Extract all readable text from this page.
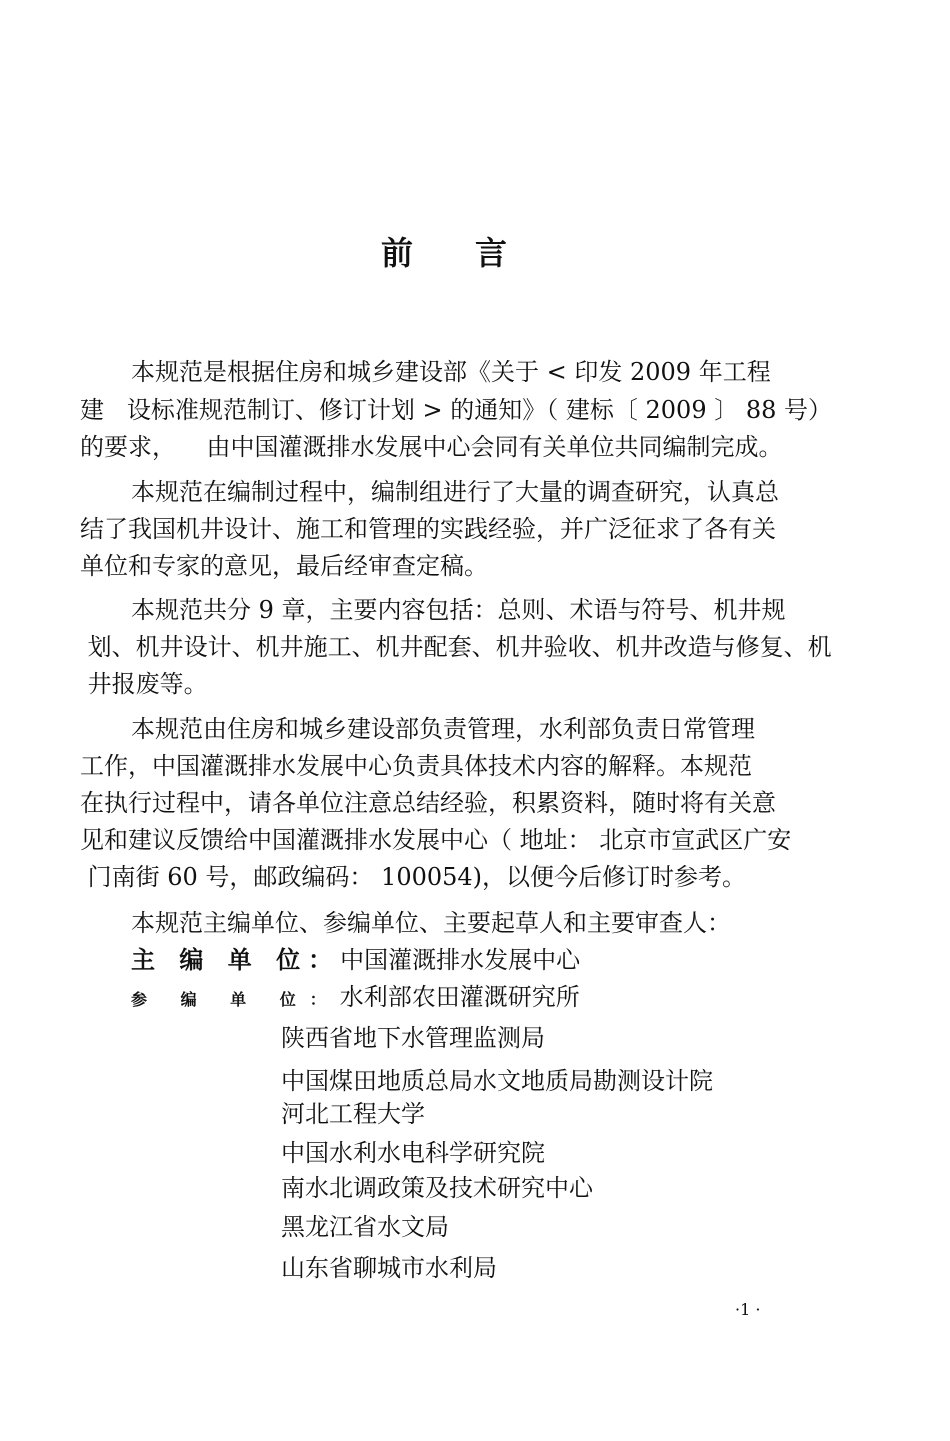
前 言
本规范是根据住房和城乡建设部《关于 < 印发 2009 年工程
建   设标准规范制订、修订计划 > 的通知》（ 建标〔 2009 〕 88 号）
的要求，    由中国灌溉排水发展中心会同有关单位共同编制完成。
本规范在编制过程中，编制组进行了大量的调查研究，认真总
结了我国机井设计、施工和管理的实践经验，并广泛征求了各有关
单位和专家的意见，最后经审查定稿。
本规范共分 9 章，主要内容包括：总则、术语与符号、机井规
划、机井设计、机井施工、机井配套、机井验收、机井改造与修复、机
井报废等。
本规范由住房和城乡建设部负责管理，水利部负责日常管理
工作，中国灌溉排水发展中心负责具体技术内容的解释。本规范
在执行过程中，请各单位注意总结经验，积累资料，随时将有关意
见和建议反馈给中国灌溉排水发展中心（ 地址： 北京市宣武区广安
门南街 60 号，邮政编码： 100054)，以便今后修订时参考。
本规范主编单位、参编单位、主要起草人和主要审查人：
主 编 单 位：中国灌溉排水发展中心
参 编 单 位：水利部农田灌溉研究所
陕西省地下水管理监测局
中国煤田地质总局水文地质局勘测设计院
河北工程大学
中国水利水电科学研究院
南水北调政策及技术研究中心
黑龙江省水文局
山东省聊城市水利局
·1 ·
